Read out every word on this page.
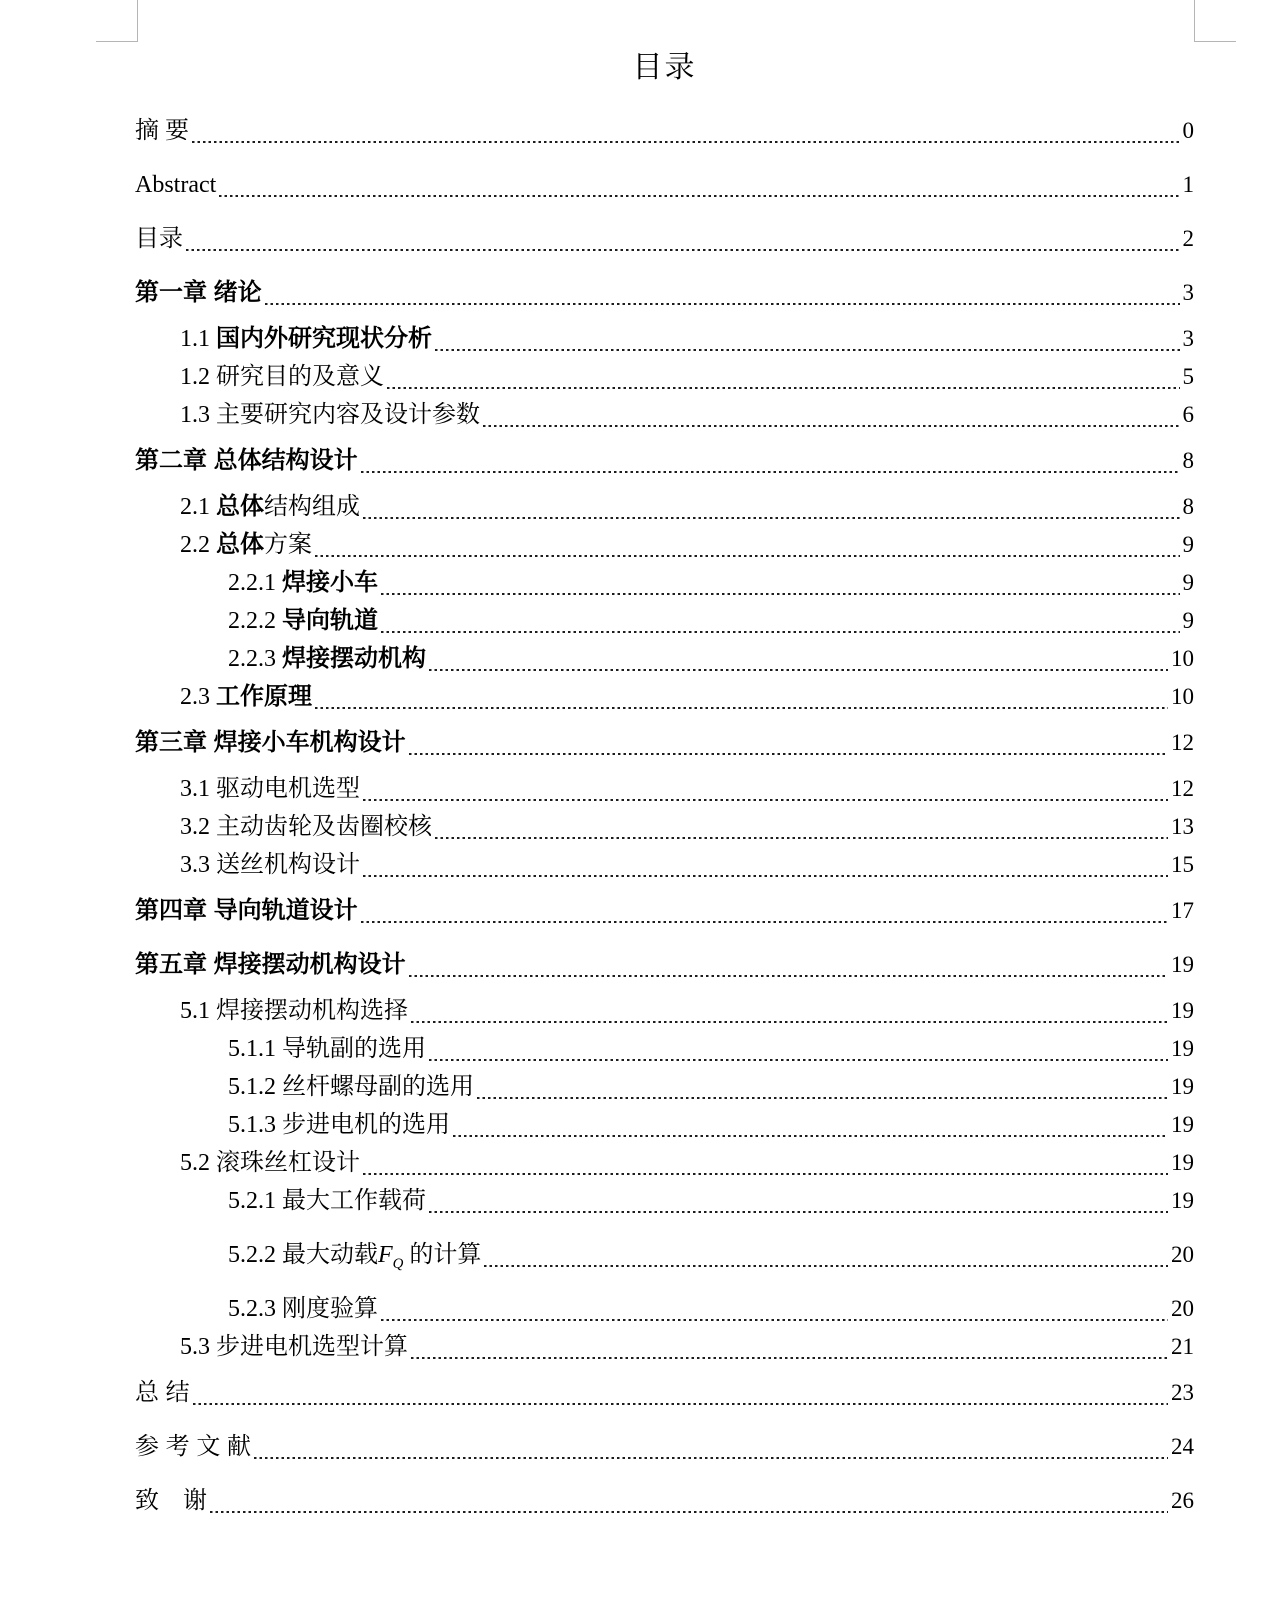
目录
摘 要	0
Abstract	1
目录	2
第一章 绪论	3
1.1 国内外研究现状分析	3
1.2 研究目的及意义	5
1.3 主要研究内容及设计参数	6
第二章 总体结构设计	8
2.1 总体结构组成	8
2.2 总体方案	9
2.2.1 焊接小车	9
2.2.2 导向轨道	9
2.2.3 焊接摆动机构	10
2.3 工作原理	10
第三章 焊接小车机构设计	12
3.1 驱动电机选型	12
3.2 主动齿轮及齿圈校核	13
3.3 送丝机构设计	15
第四章 导向轨道设计	17
第五章 焊接摆动机构设计	19
5.1 焊接摆动机构选择	19
5.1.1 导轨副的选用	19
5.1.2 丝杆螺母副的选用	19
5.1.3 步进电机的选用	19
5.2 滚珠丝杠设计	19
5.2.1 最大工作载荷	19
5.2.2 最大动载$F_Q$ 的计算	20
5.2.3 刚度验算	20
5.3 步进电机选型计算	21
总 结	23
参 考 文 献	24
致　谢	26
